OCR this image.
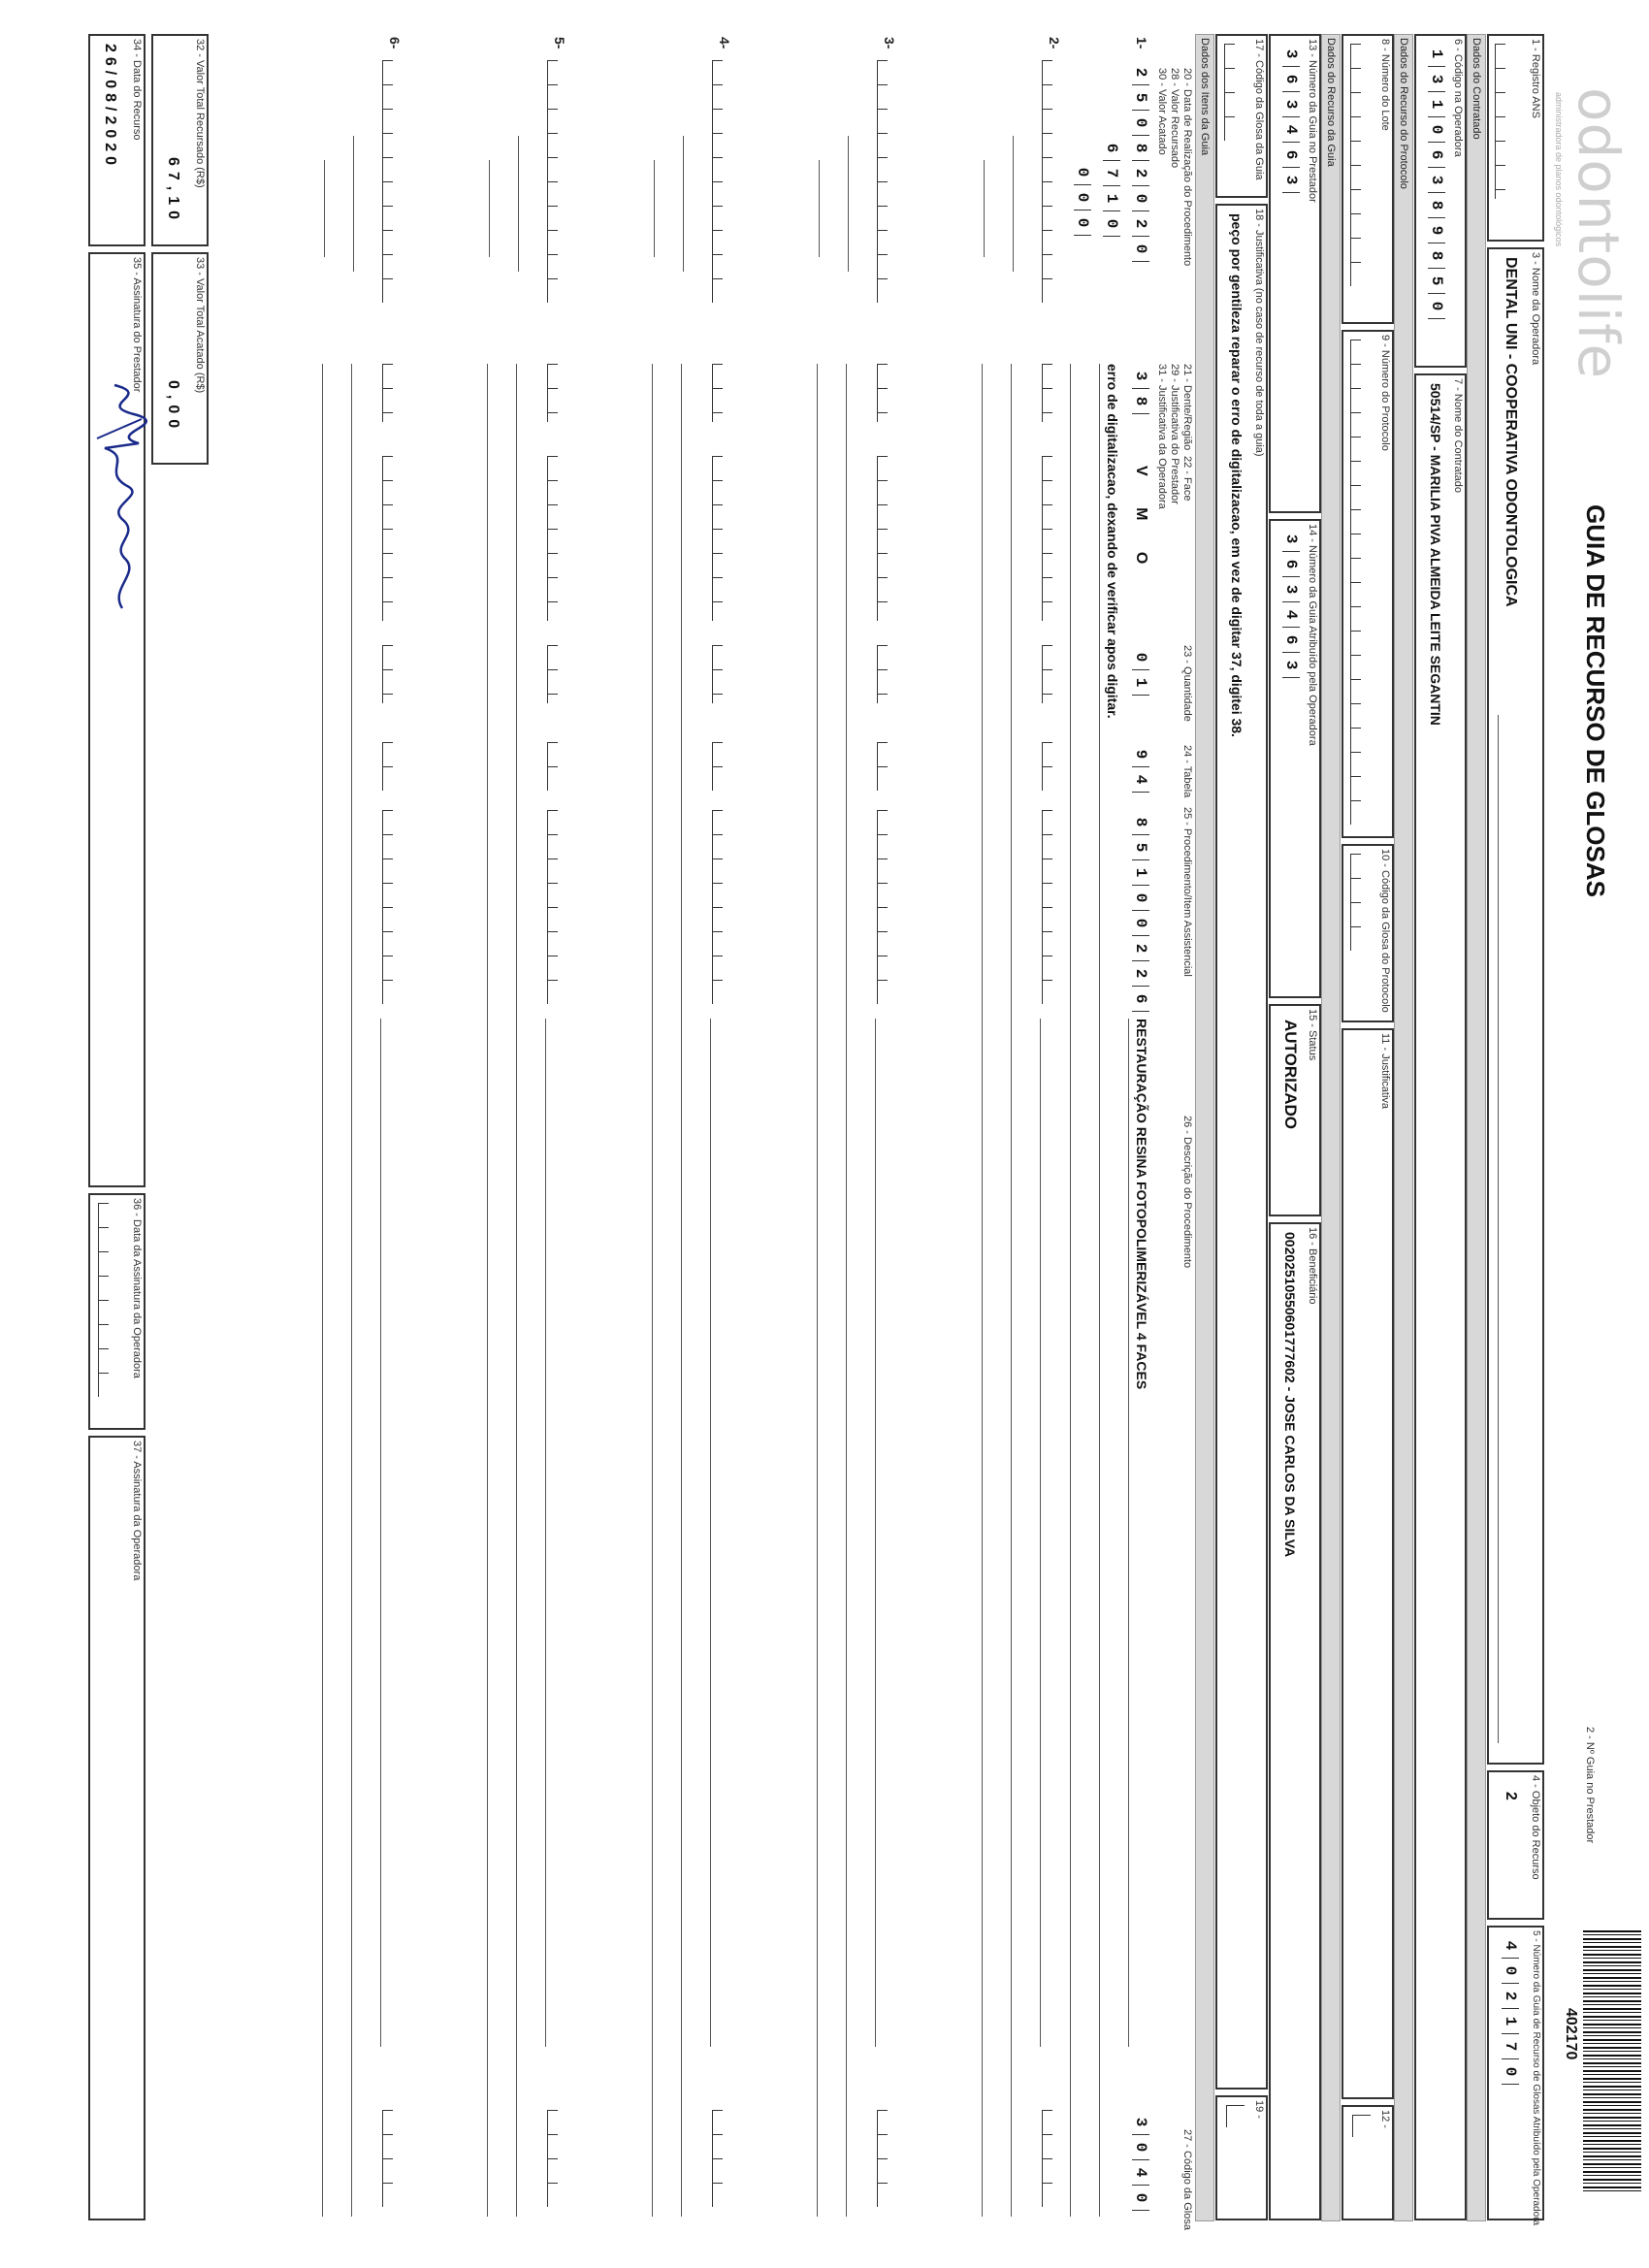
odontolife
administradora de planos odontológicos
GUIA DE RECURSO DE GLOSAS
2 - Nº Guia no Prestador
402170
1 - Registro ANS
3 - Nome da Operadora
DENTAL UNI - COOPERATIVA ODONTOLOGICA
4 - Objeto do Recurso
2
5 - Número da Guia de Recurso de Glosas Atribuído pela Operadora
4
0
2
1
7
0
Dados do Contratado
6 - Código na Operadora
1
3
1
0
6
3
8
9
8
5
0
7 - Nome do Contratado
50514/SP - MARILIA PIVA ALMEIDA LEITE SEGANTIN
Dados do Recurso do Protocolo
8 - Número do Lote
9 - Número do Protocolo
10 - Código da Glosa do Protocolo
11 - Justificativa
12 -
Dados do Recurso da Guia
13 - Número da Guia no Prestador
3
6
3
4
6
3
14 - Número da Guia Atribuído pela Operadora
3
6
3
4
6
3
15 - Status
AUTORIZADO
16 - Beneficiário
00202510550601777602 - JOSE CARLOS DA SILVA
17 - Código da Glosa da Guia
18 - Justificativa (no caso de recurso de toda a guia)
peço por gentileza reparar o erro de digitalizacao, em vez de digitar 37, digitei 38.
19 -
Dados dos Itens da Guia
20 - Data de Realização do Procedimento
28 - Valor Recursado
30 - Valor Acatado
21 - Dente/Região
29 - Justificativa do Prestador
31 - Justificativa da Operadora 22 - Face
23 - Quantidade
24 - Tabela
25 - Procedimento/Item Assistencial
26 - Descrição do Procedimento
27 - Código da Glosa
1-
2
5
0
8
2
0
2
0
3
8
V M O
0
1
9
4
8
5
1
0
0
2
2
6
RESTAURAÇÃO RESINA FOTOPOLIMERIZÁVEL 4 FACES
3
0
4
0
6
7
1
0
erro de digitalizacao, dexando de verificar apos digitar.
0
0
0
2-
3-
4-
5-
6-
32 - Valor Total Recursado (R$)
67,10
33 - Valor Total Acatado (R$)
0,00
34 - Data do Recurso
26/08/2020
35 - Assinatura do Prestador
36 - Data da Assinatura da Operadora
37 - Assinatura da Operadora
